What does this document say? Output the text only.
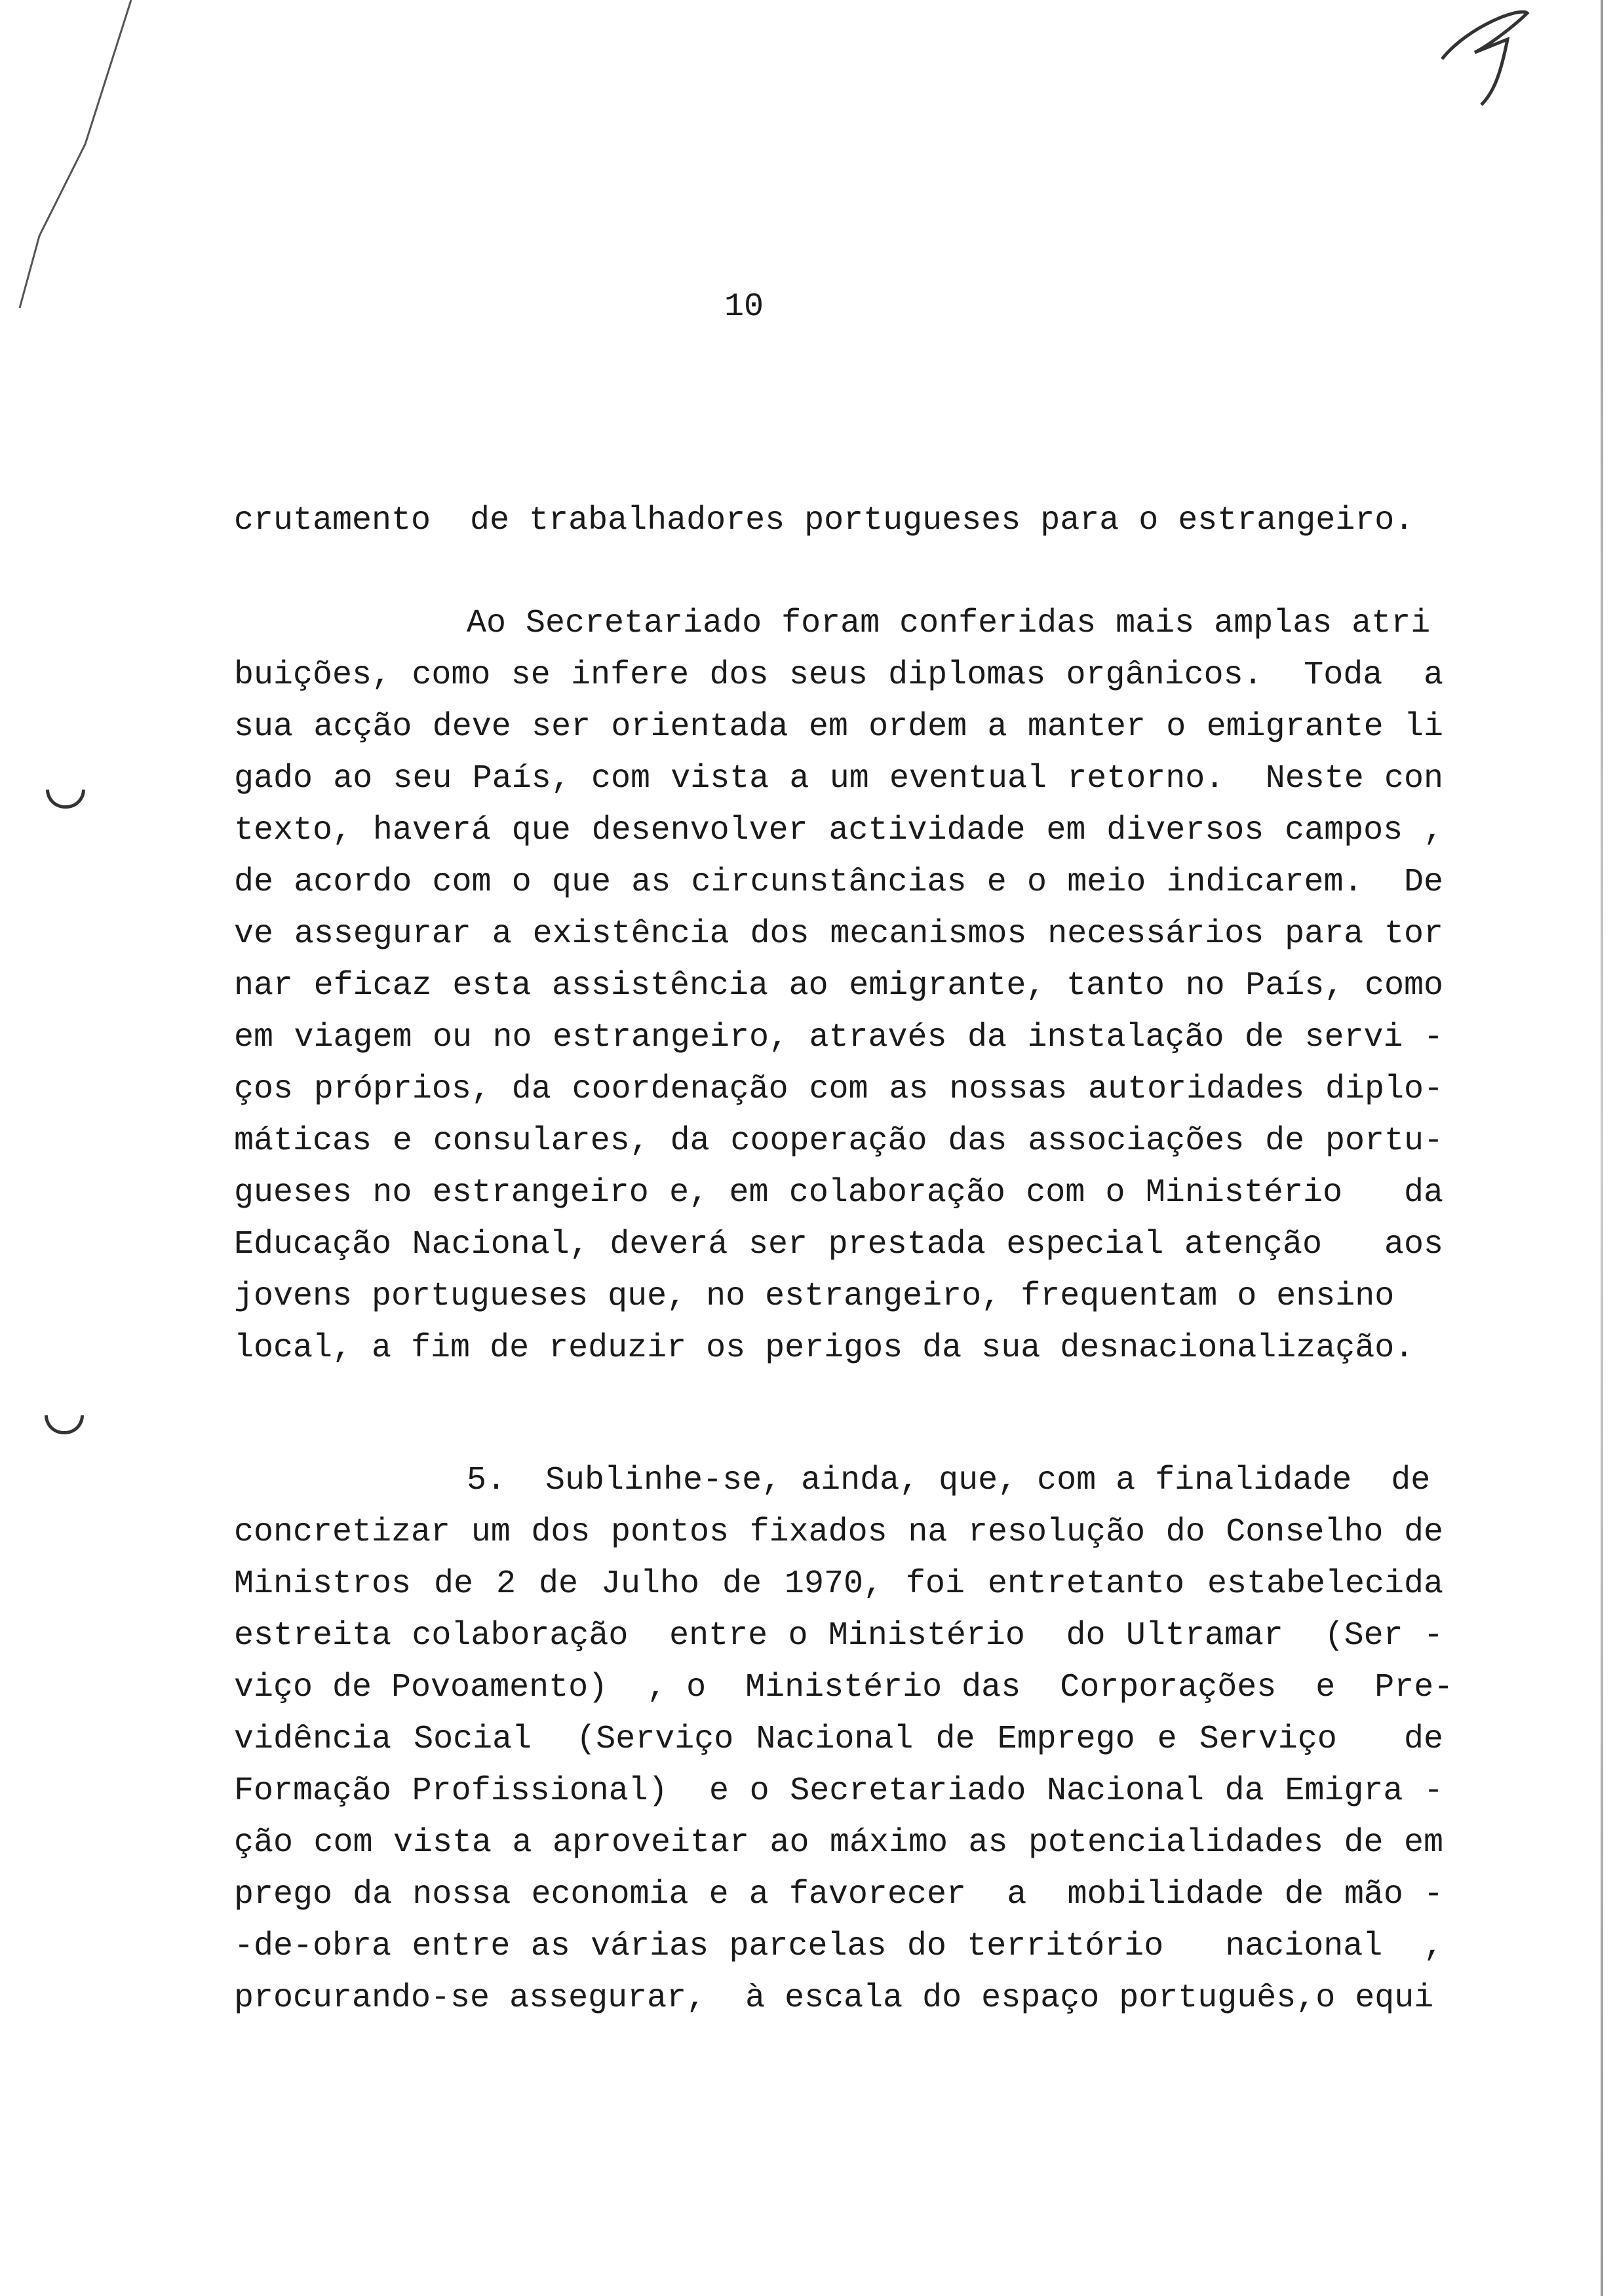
10
crutamento  de trabalhadores portugueses para o estrangeiro.
Ao Secretariado foram conferidas mais amplas atri
buições, como se infere dos seus diplomas orgânicos.  Toda  a
sua acção deve ser orientada em ordem a manter o emigrante li
gado ao seu País, com vista a um eventual retorno.  Neste con
texto, haverá que desenvolver actividade em diversos campos ,
de acordo com o que as circunstâncias e o meio indicarem.  De
ve assegurar a existência dos mecanismos necessários para tor
nar eficaz esta assistência ao emigrante, tanto no País, como
em viagem ou no estrangeiro, através da instalação de servi -
ços próprios, da coordenação com as nossas autoridades diplo-
máticas e consulares, da cooperação das associações de portu-
gueses no estrangeiro e, em colaboração com o Ministério   da
Educação Nacional, deverá ser prestada especial atenção   aos
jovens portugueses que, no estrangeiro, frequentam o ensino
local, a fim de reduzir os perigos da sua desnacionalização.
5.  Sublinhe-se, ainda, que, com a finalidade  de
concretizar um dos pontos fixados na resolução do Conselho de
Ministros de 2 de Julho de 1970, foi entretanto estabelecida
estreita colaboração  entre o Ministério  do Ultramar  (Ser -
viço de Povoamento)  , o  Ministério das  Corporações  e  Pre-
vidência Social  (Serviço Nacional de Emprego e Serviço   de
Formação Profissional)  e o Secretariado Nacional da Emigra -
ção com vista a aproveitar ao máximo as potencialidades de em
prego da nossa economia e a favorecer  a  mobilidade de mão -
-de-obra entre as várias parcelas do território   nacional  ,
procurando-se assegurar,  à escala do espaço português,o equi
